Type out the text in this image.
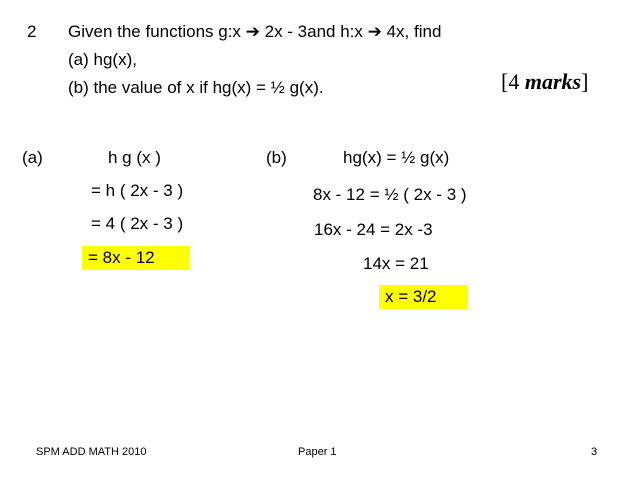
2 Given the functions g:x ➔ 2x - 3and h:x ➔ 4x, find
(a) hg(x),
(b) the value of x if hg(x) = ½ g(x).	[4 marks]
(a)	h g (x )
= h ( 2x - 3 )
= 4 ( 2x - 3 )
= 8x - 12
(b)	hg(x) = ½ g(x)
8x - 12 = ½ ( 2x - 3 )
16x - 24 = 2x -3
14x = 21
x = 3/2
SPM ADD MATH 2010	Paper 1	3
